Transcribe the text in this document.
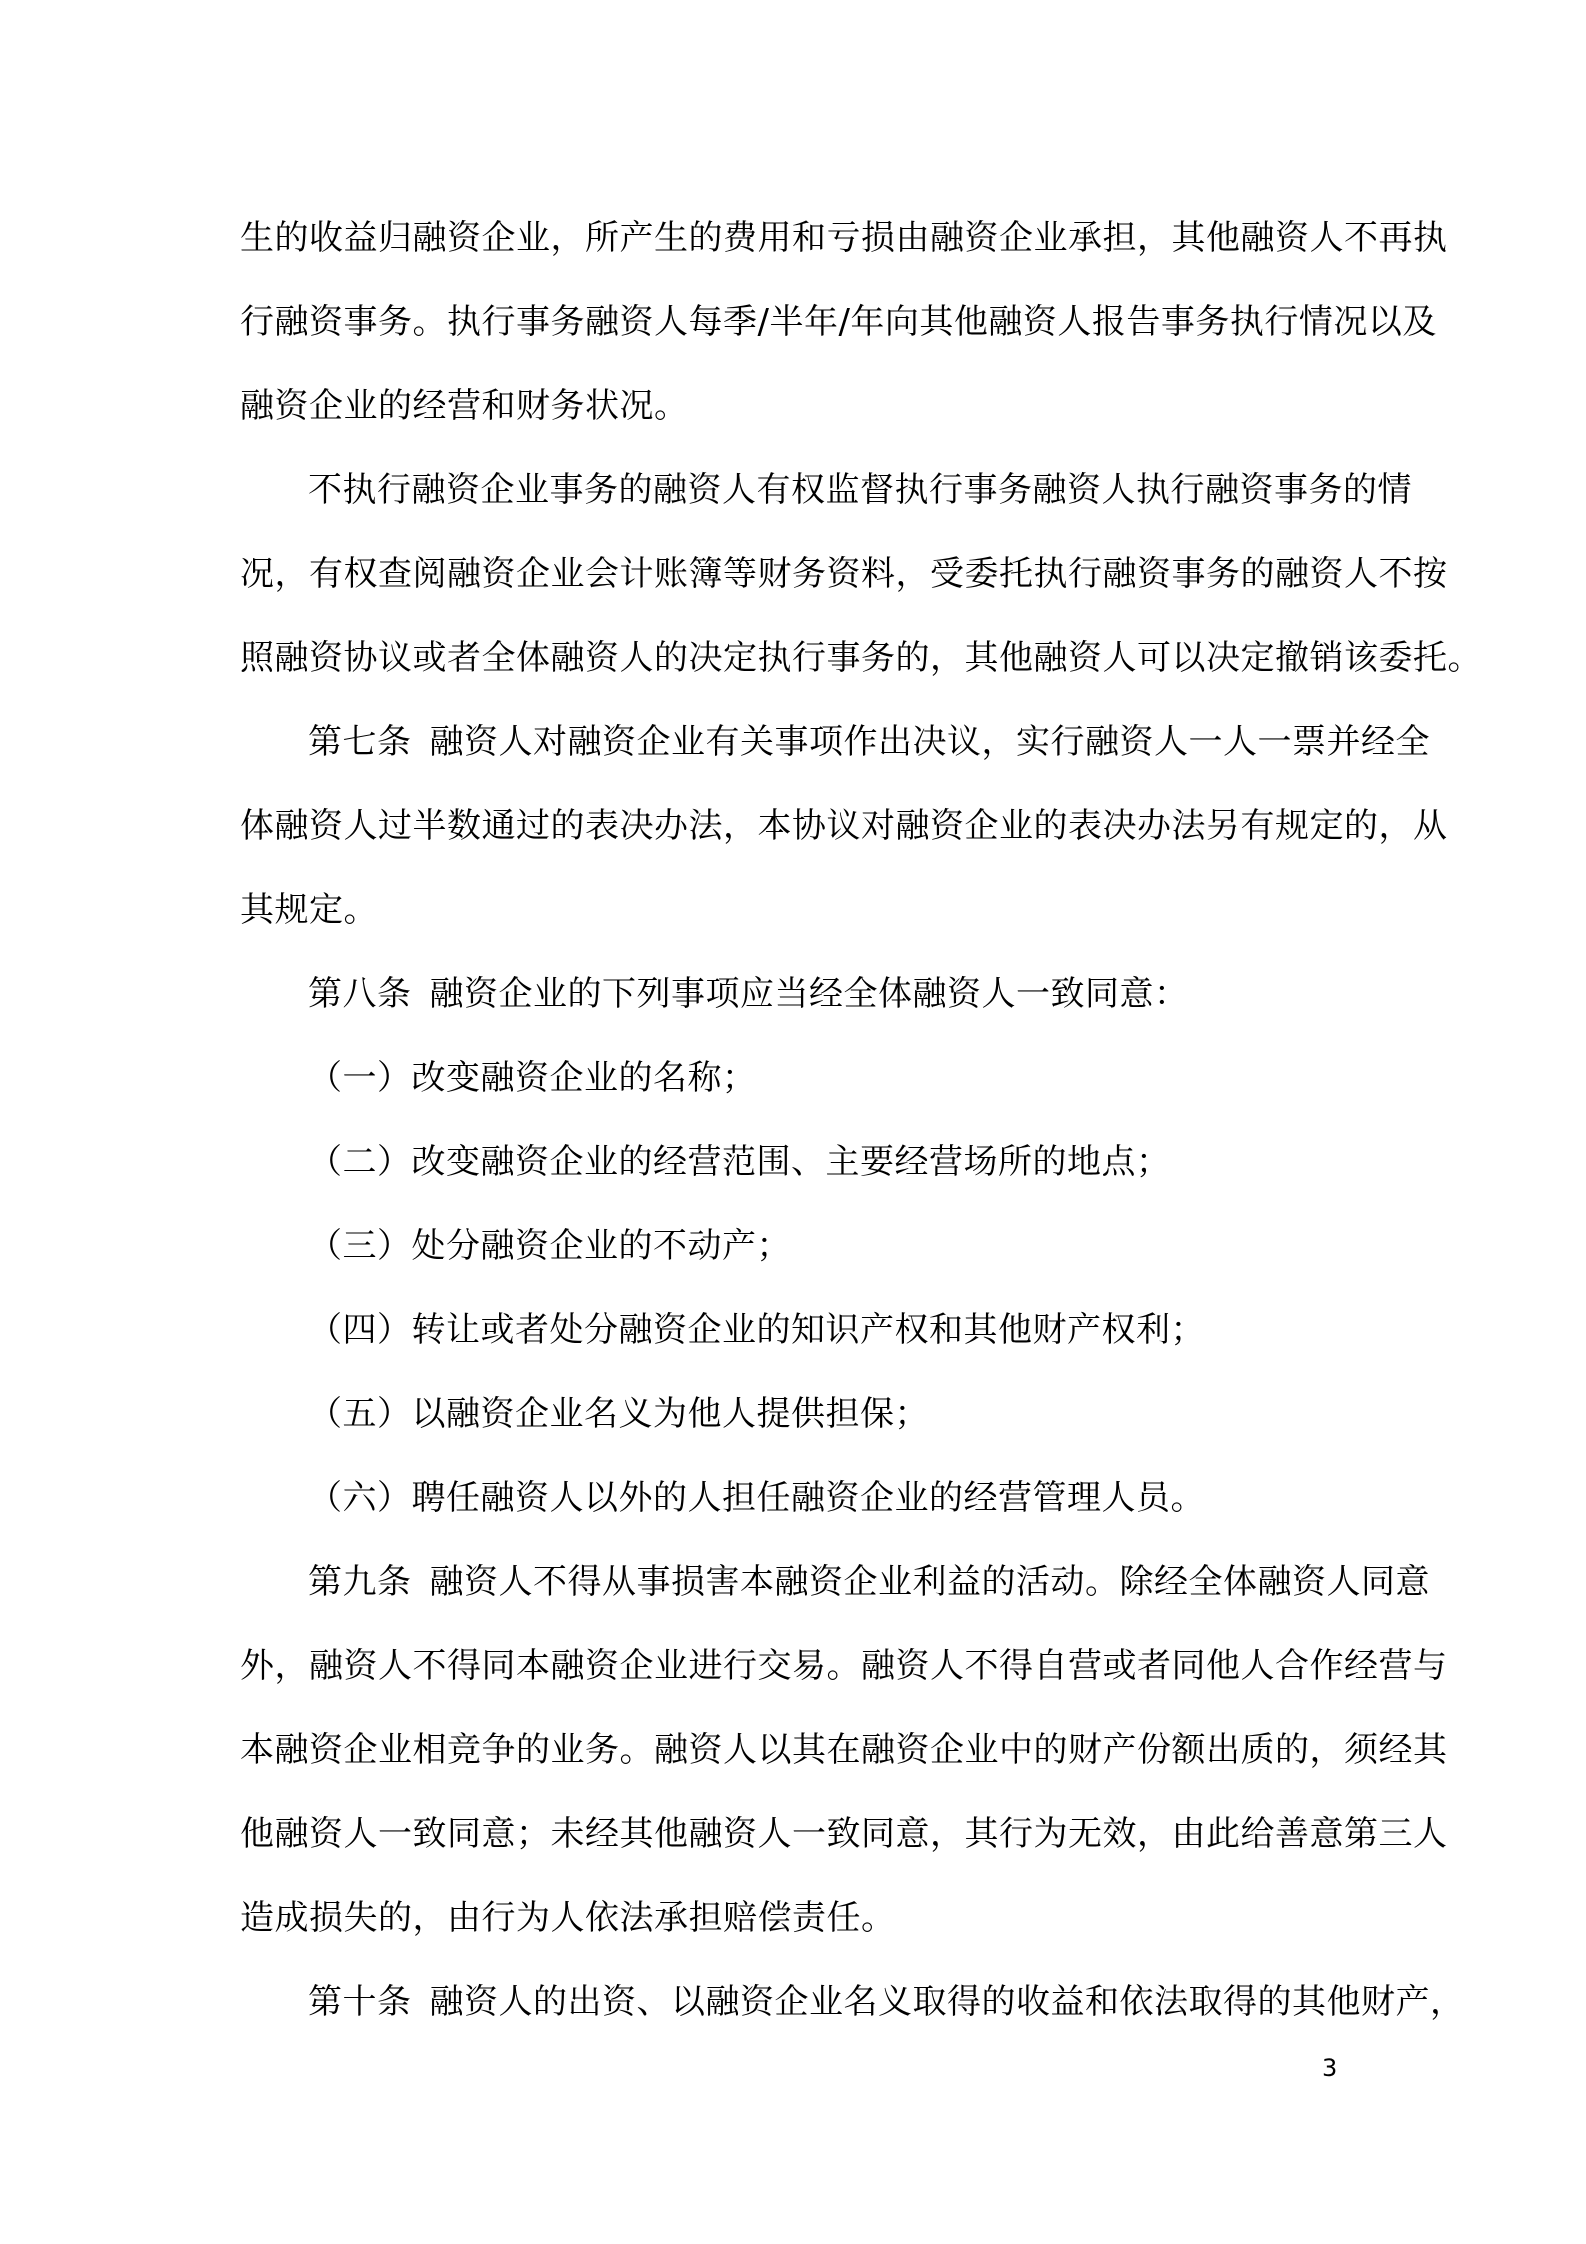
生的收益归融资企业，所产生的费用和亏损由融资企业承担，其他融资人不再执
行融资事务。执行事务融资人每季/半年/年向其他融资人报告事务执行情况以及
融资企业的经营和财务状况。

不执行融资企业事务的融资人有权监督执行事务融资人执行融资事务的情
况，有权查阅融资企业会计账簿等财务资料，受委托执行融资事务的融资人不按
照融资协议或者全体融资人的决定执行事务的，其他融资人可以决定撤销该委托。

第七条 融资人对融资企业有关事项作出决议，实行融资人一人一票并经全
体融资人过半数通过的表决办法，本协议对融资企业的表决办法另有规定的，从
其规定。

第八条 融资企业的下列事项应当经全体融资人一致同意：

（一）改变融资企业的名称；

（二）改变融资企业的经营范围、主要经营场所的地点；

（三）处分融资企业的不动产；

（四）转让或者处分融资企业的知识产权和其他财产权利；

（五）以融资企业名义为他人提供担保；

（六）聘任融资人以外的人担任融资企业的经营管理人员。

第九条 融资人不得从事损害本融资企业利益的活动。除经全体融资人同意
外，融资人不得同本融资企业进行交易。融资人不得自营或者同他人合作经营与
本融资企业相竞争的业务。融资人以其在融资企业中的财产份额出质的，须经其
他融资人一致同意；未经其他融资人一致同意，其行为无效，由此给善意第三人
造成损失的，由行为人依法承担赔偿责任。

第十条 融资人的出资、以融资企业名义取得的收益和依法取得的其他财产，

3
